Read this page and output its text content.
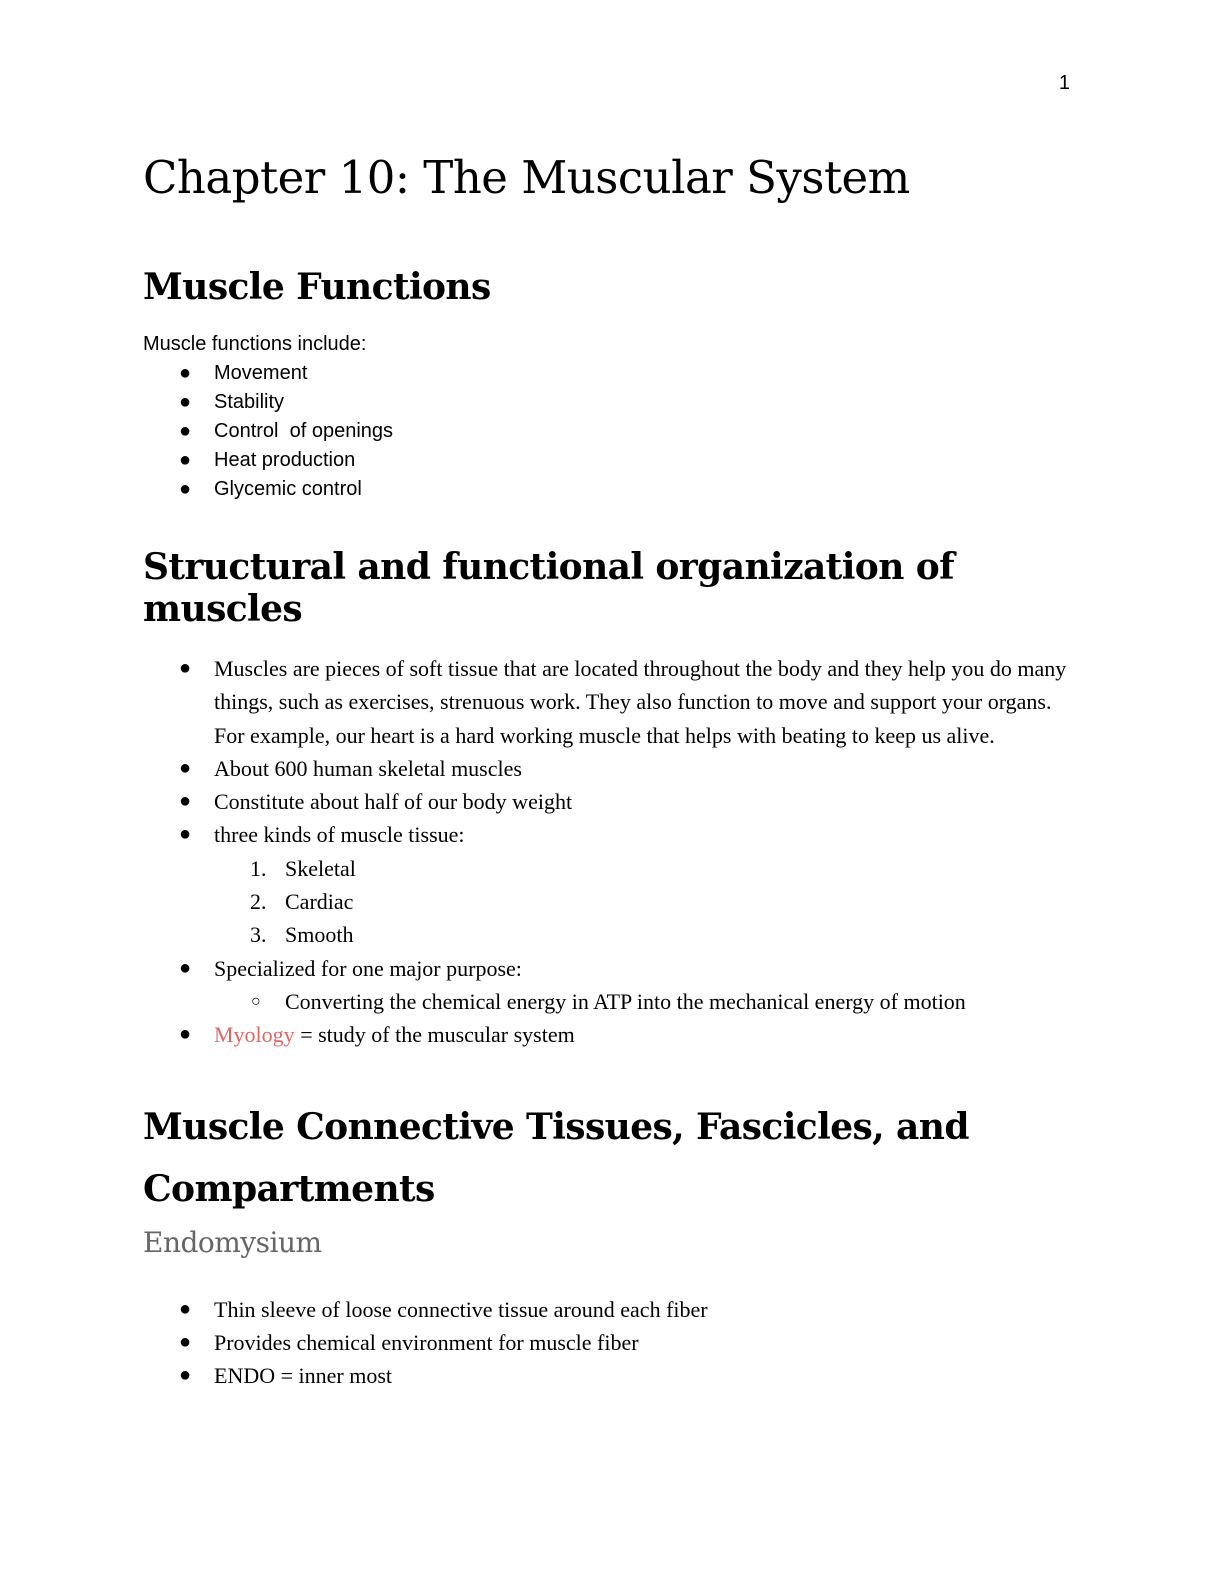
1
Chapter 10: The Muscular System
Muscle Functions
Muscle functions include:
● Movement
● Stability
● Control  of openings
● Heat production
● Glycemic control
Structural and functional organization of muscles
● Muscles are pieces of soft tissue that are located throughout the body and they help you do many things, such as exercises, strenuous work. They also function to move and support your organs. For example, our heart is a hard working muscle that helps with beating to keep us alive.
● About 600 human skeletal muscles
● Constitute about half of our body weight
● three kinds of muscle tissue:
1. Skeletal
2. Cardiac
3. Smooth
● Specialized for one major purpose:
○ Converting the chemical energy in ATP into the mechanical energy of motion
● Myology = study of the muscular system
Muscle Connective Tissues, Fascicles, and Compartments
Endomysium
● Thin sleeve of loose connective tissue around each fiber
● Provides chemical environment for muscle fiber
● ENDO = inner most
